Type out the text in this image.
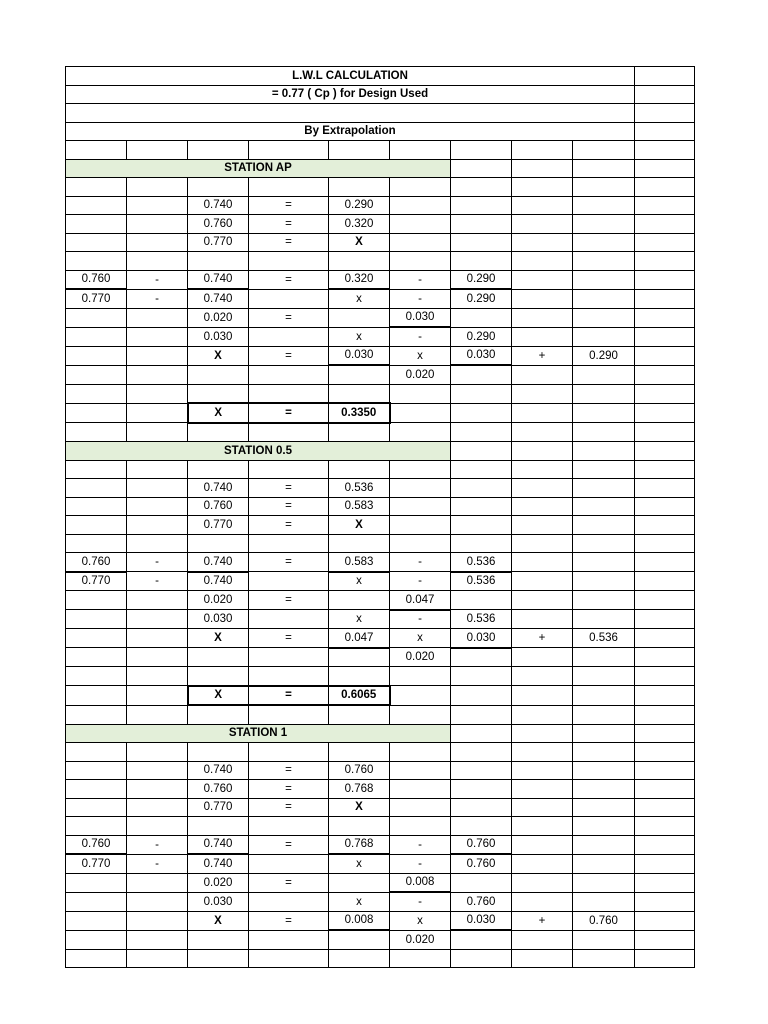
L.W.L CALCULATION									
= 0.77 ( Cp ) for Design Used									

By Extrapolation									

STATION AP									

		0.740	=	0.290					
		0.760	=	0.320					
		0.770	=	X					

0.760	-	0.740	=	0.320	-	0.290			
0.770	-	0.740		x	-	0.290			
		0.020	=		0.030				
		0.030		x	-	0.290			
		X	=	0.030	x	0.030	+	0.290	
					0.020				

		X	=	0.3350					

STATION 0.5									

		0.740	=	0.536					
		0.760	=	0.583					
		0.770	=	X					

0.760	-	0.740	=	0.583	-	0.536			
0.770	-	0.740		x	-	0.536			
		0.020	=		0.047				
		0.030		x	-	0.536			
		X	=	0.047	x	0.030	+	0.536	
					0.020				

		X	=	0.6065					

STATION 1									

		0.740	=	0.760					
		0.760	=	0.768					
		0.770	=	X					

0.760	-	0.740	=	0.768	-	0.760			
0.770	-	0.740		x	-	0.760			
		0.020	=		0.008				
		0.030		x	-	0.760			
		X	=	0.008	x	0.030	+	0.760	
					0.020				
